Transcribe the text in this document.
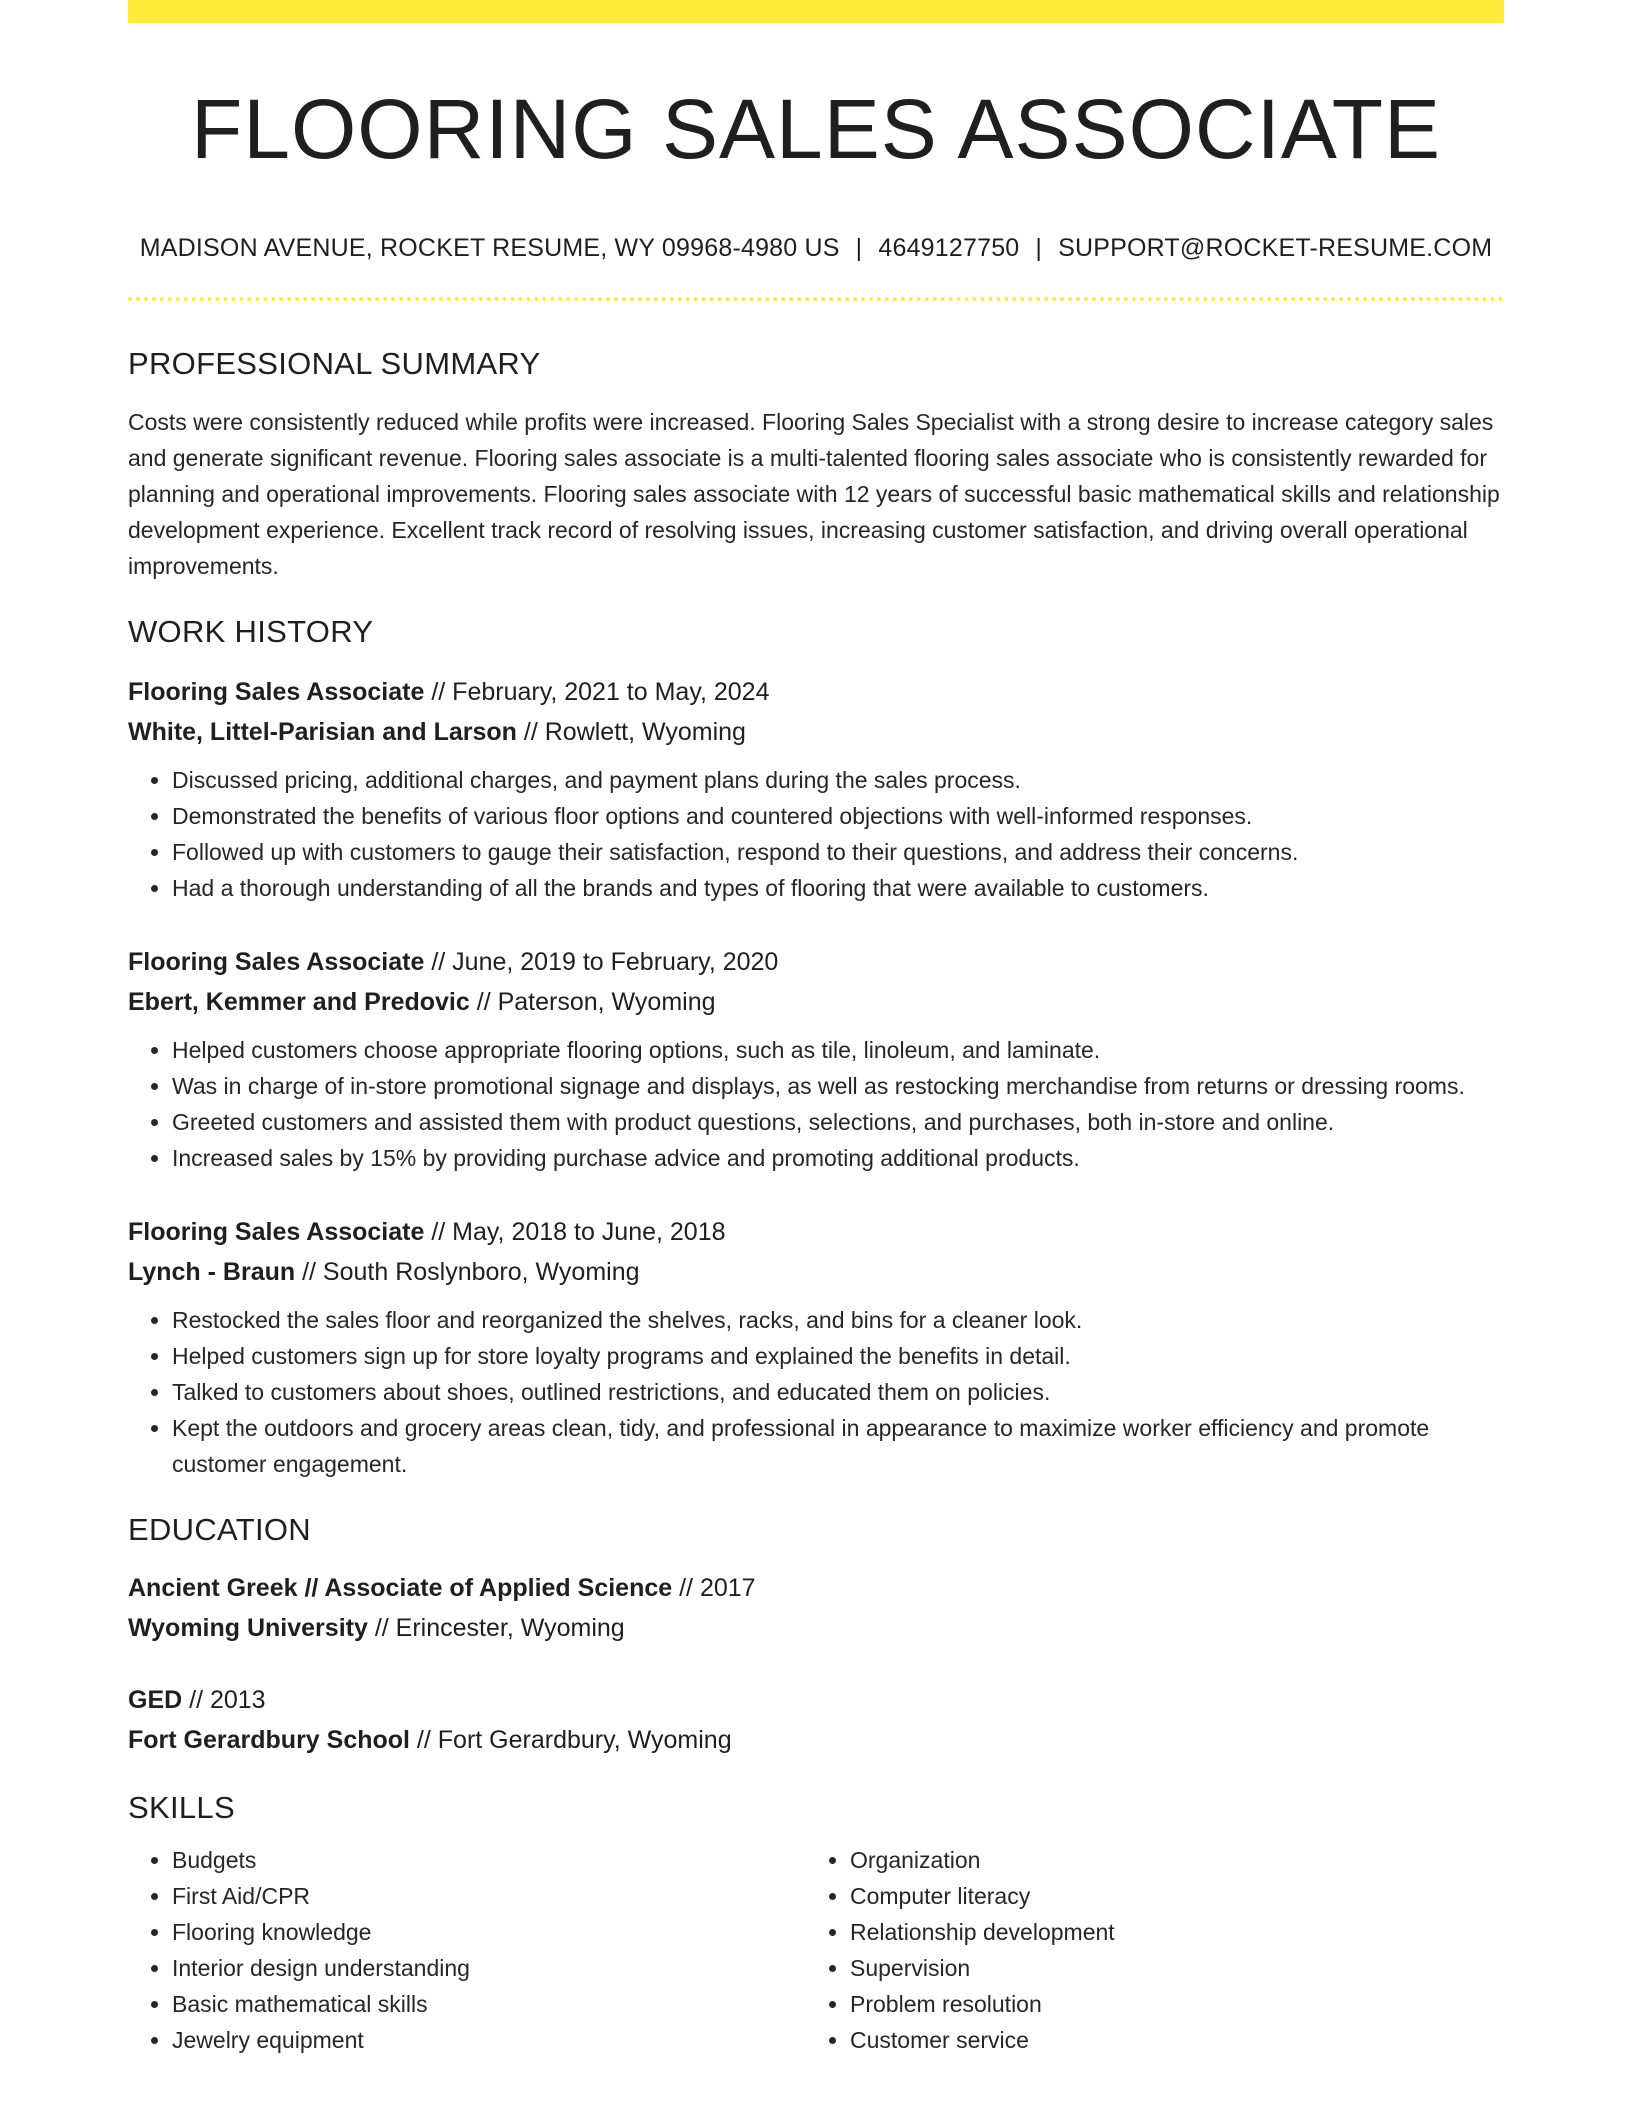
FLOORING SALES ASSOCIATE
MADISON AVENUE, ROCKET RESUME, WY 09968-4980 US | 4649127750 | SUPPORT@ROCKET-RESUME.COM
PROFESSIONAL SUMMARY

Costs were consistently reduced while profits were increased. Flooring Sales Specialist with a strong desire to increase category sales and generate significant revenue. Flooring sales associate is a multi-talented flooring sales associate who is consistently rewarded for planning and operational improvements. Flooring sales associate with 12 years of successful basic mathematical skills and relationship development experience. Excellent track record of resolving issues, increasing customer satisfaction, and driving overall operational improvements.

WORK HISTORY
Flooring Sales Associate // February, 2021 to May, 2024
White, Littel-Parisian and Larson // Rowlett, Wyoming
• Discussed pricing, additional charges, and payment plans during the sales process.
• Demonstrated the benefits of various floor options and countered objections with well-informed responses.
• Followed up with customers to gauge their satisfaction, respond to their questions, and address their concerns.
• Had a thorough understanding of all the brands and types of flooring that were available to customers.
Flooring Sales Associate // June, 2019 to February, 2020
Ebert, Kemmer and Predovic // Paterson, Wyoming
• Helped customers choose appropriate flooring options, such as tile, linoleum, and laminate.
• Was in charge of in-store promotional signage and displays, as well as restocking merchandise from returns or dressing rooms.
• Greeted customers and assisted them with product questions, selections, and purchases, both in-store and online.
• Increased sales by 15% by providing purchase advice and promoting additional products.
Flooring Sales Associate // May, 2018 to June, 2018
Lynch - Braun // South Roslynboro, Wyoming
• Restocked the sales floor and reorganized the shelves, racks, and bins for a cleaner look.
• Helped customers sign up for store loyalty programs and explained the benefits in detail.
• Talked to customers about shoes, outlined restrictions, and educated them on policies.
• Kept the outdoors and grocery areas clean, tidy, and professional in appearance to maximize worker efficiency and promote customer engagement.
EDUCATION
Ancient Greek // Associate of Applied Science // 2017
Wyoming University // Erincester, Wyoming
GED // 2013
Fort Gerardbury School // Fort Gerardbury, Wyoming
SKILLS
• Budgets
• First Aid/CPR
• Flooring knowledge
• Interior design understanding
• Basic mathematical skills
• Jewelry equipment
• Organization
• Computer literacy
• Relationship development
• Supervision
• Problem resolution
• Customer service
